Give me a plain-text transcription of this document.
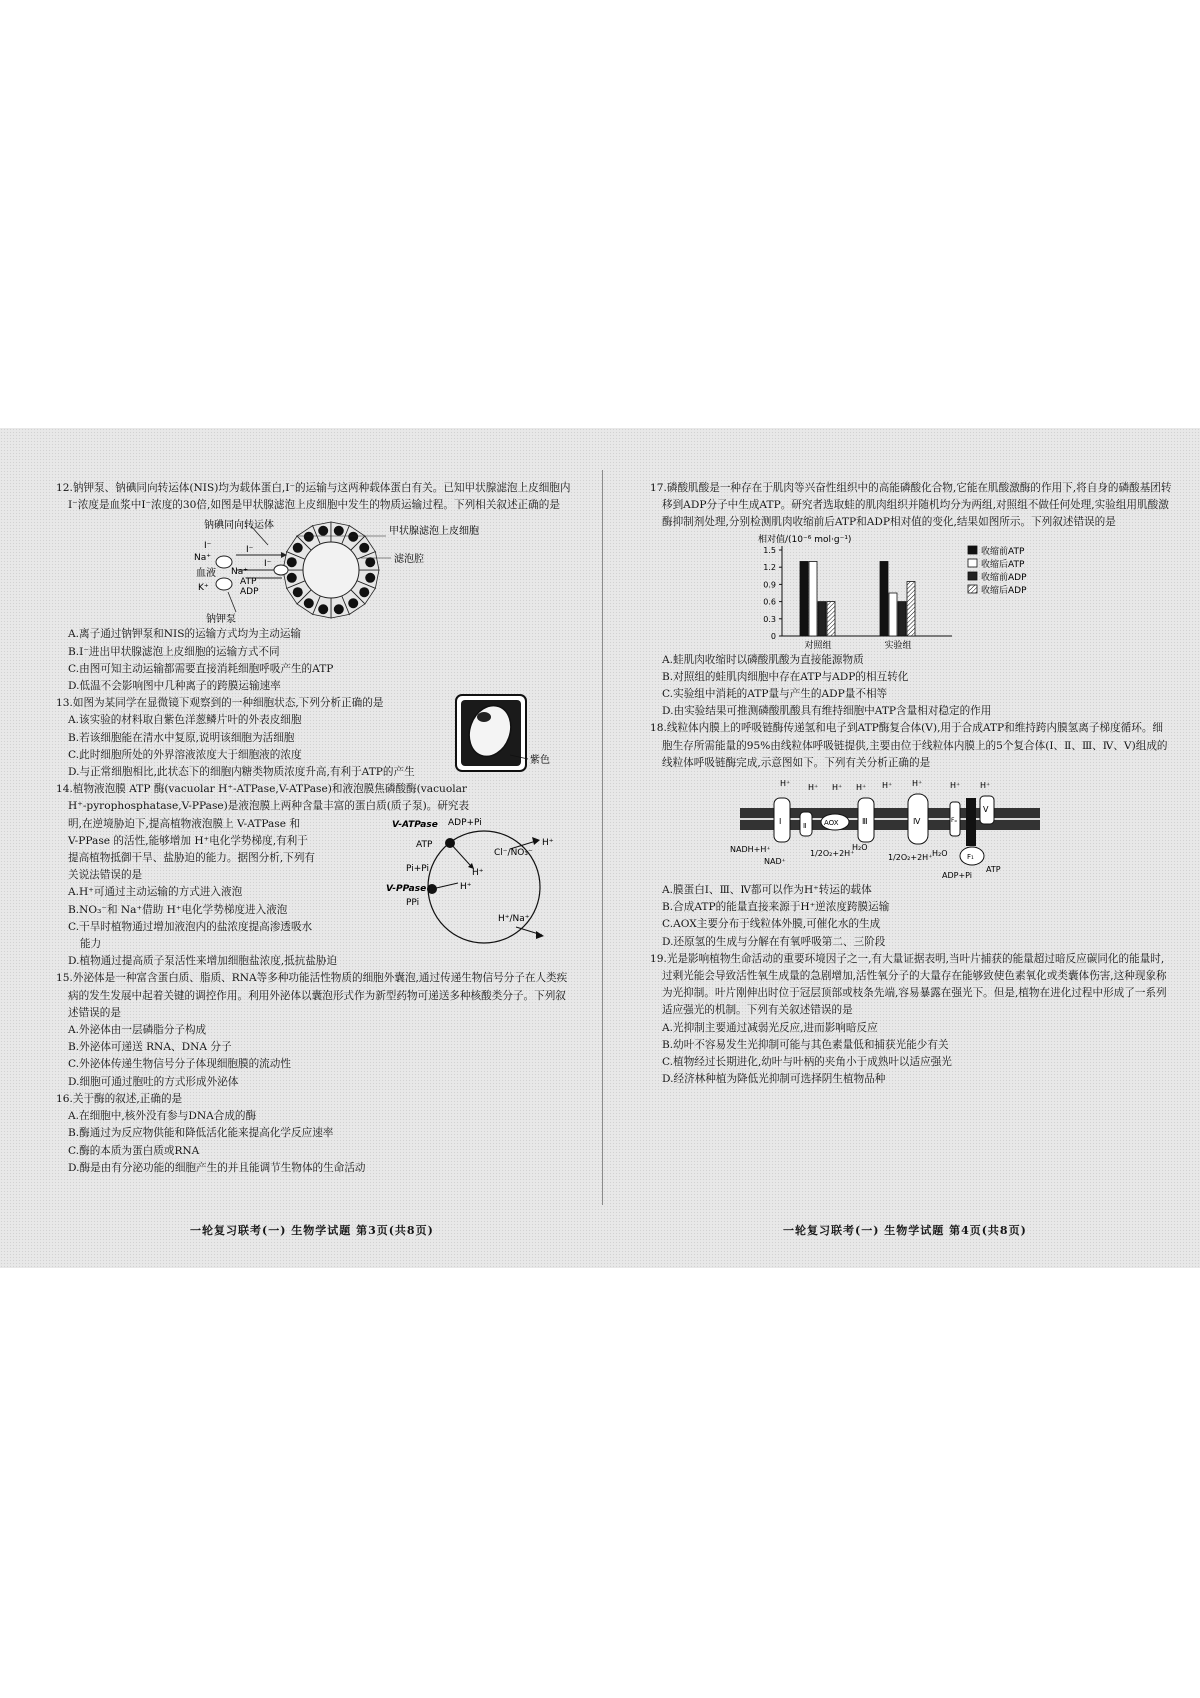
12.钠钾泵、钠碘同向转运体(NIS)均为载体蛋白,I⁻的运输与这两种载体蛋白有关。已知甲状腺滤泡上皮细胞内I⁻浓度是血浆中I⁻浓度的30倍,如图是甲状腺滤泡上皮细胞中发生的物质运输过程。下列相关叙述正确的是
钠碘同向转运体
甲状腺滤泡上皮细胞
滤泡腔
血液
钠钾泵
Na⁺
I⁻
K⁺
Na⁺
ATP
ADP
I⁻
I⁻
A.离子通过钠钾泵和NIS的运输方式均为主动运输
B.I⁻进出甲状腺滤泡上皮细胞的运输方式不同
C.由图可知主动运输都需要直接消耗细胞呼吸产生的ATP
D.低温不会影响图中几种离子的跨膜运输速率
13.如图为某同学在显微镜下观察到的一种细胞状态,下列分析正确的是
紫色
A.该实验的材料取自紫色洋葱鳞片叶的外表皮细胞
B.若该细胞能在清水中复原,说明该细胞为活细胞
C.此时细胞所处的外界溶液浓度大于细胞液的浓度
D.与正常细胞相比,此状态下的细胞内糖类物质浓度升高,有利于ATP的产生
14.植物液泡膜 ATP 酶(vacuolar H⁺-ATPase,V-ATPase)和液泡膜焦磷酸酶(vacuolar
H⁺-pyrophosphatase,V-PPase)是液泡膜上两种含量丰富的蛋白质(质子泵)。研究表
明,在逆境胁迫下,提高植物液泡膜上 V-ATPase 和
V-PPase 的活性,能够增加 H⁺电化学势梯度,有利于
提高植物抵御干旱、盐胁迫的能力。据图分析,下列有
关说法错误的是
V-ATPase ADP+Pi
ATP
H⁺
Pi+Pi
V-PPase
PPi
H⁺
Cl⁻/NO₃⁻
H⁺/Na⁺
H⁺
A.H⁺可通过主动运输的方式进入液泡
B.NO₃⁻和 Na⁺借助 H⁺电化学势梯度进入液泡
C.干旱时植物通过增加液泡内的盐浓度提高渗透吸水
能力
D.植物通过提高质子泵活性来增加细胞盐浓度,抵抗盐胁迫
15.外泌体是一种富含蛋白质、脂质、RNA等多种功能活性物质的细胞外囊泡,通过传递生物信号分子在人类疾病的发生发展中起着关键的调控作用。利用外泌体以囊泡形式作为新型药物可递送多种核酸类分子。下列叙述错误的是
A.外泌体由一层磷脂分子构成
B.外泌体可递送 RNA、DNA 分子
C.外泌体传递生物信号分子体现细胞膜的流动性
D.细胞可通过胞吐的方式形成外泌体
16.关于酶的叙述,正确的是
A.在细胞中,核外没有参与DNA合成的酶
B.酶通过为反应物供能和降低活化能来提高化学反应速率
C.酶的本质为蛋白质或RNA
D.酶是由有分泌功能的细胞产生的并且能调节生物体的生命活动
一轮复习联考(一) 生物学试题 第3页(共8页)
17.磷酸肌酸是一种存在于肌肉等兴奋性组织中的高能磷酸化合物,它能在肌酸激酶的作用下,将自身的磷酸基团转移到ADP分子中生成ATP。研究者选取蛙的肌肉组织并随机均分为两组,对照组不做任何处理,实验组用肌酸激酶抑制剂处理,分别检测肌肉收缩前后ATP和ADP相对值的变化,结果如图所示。下列叙述错误的是
相对值/(10⁻⁶ mol·g⁻¹)
0
0.3
0.6
0.9
1.2
1.5
对照组	实验组
收缩前ATP
收缩后ATP
收缩前ADP
收缩后ADP
A.蛙肌肉收缩时以磷酸肌酸为直接能源物质
B.对照组的蛙肌肉细胞中存在ATP与ADP的相互转化
C.实验组中消耗的ATP量与产生的ADP量不相等
D.由实验结果可推测磷酸肌酸具有维持细胞中ATP含量相对稳定的作用
18.线粒体内膜上的呼吸链酶传递氢和电子到ATP酶复合体(Ⅴ),用于合成ATP和维持跨内膜氢离子梯度循环。细胞生存所需能量的95%由线粒体呼吸链提供,主要由位于线粒体内膜上的5个复合体(Ⅰ、Ⅱ、Ⅲ、Ⅳ、Ⅴ)组成的线粒体呼吸链酶完成,示意图如下。下列有关分析正确的是
H⁺ H⁺ H⁺ H⁺ H⁺ H⁺	H⁺ H⁺
Ⅰ	Ⅱ	AOX	Ⅲ	Ⅳ	Fₒ
Ⅴ
F₁
NADH+H⁺
NAD⁺
1/2O₂+2H⁺
H₂O
1/2O₂+2H⁺ H₂O
ADP+Pi
ATP
A.膜蛋白Ⅰ、Ⅲ、Ⅳ都可以作为H⁺转运的载体
B.合成ATP的能量直接来源于H⁺逆浓度跨膜运输
C.AOX主要分布于线粒体外膜,可催化水的生成
D.还原氢的生成与分解在有氧呼吸第二、三阶段
19.光是影响植物生命活动的重要环境因子之一,有大量证据表明,当叶片捕获的能量超过暗反应碳同化的能量时,过剩光能会导致活性氧生成量的急剧增加,活性氧分子的大量存在能够致使色素氧化或类囊体伤害,这种现象称为光抑制。叶片刚伸出时位于冠层顶部或枝条先端,容易暴露在强光下。但是,植物在进化过程中形成了一系列适应强光的机制。下列有关叙述错误的是
A.光抑制主要通过减弱光反应,进而影响暗反应
B.幼叶不容易发生光抑制可能与其色素量低和捕获光能少有关
C.植物经过长期进化,幼叶与叶柄的夹角小于成熟叶以适应强光
D.经济林种植为降低光抑制可选择阴生植物品种
一轮复习联考(一) 生物学试题 第4页(共8页)
